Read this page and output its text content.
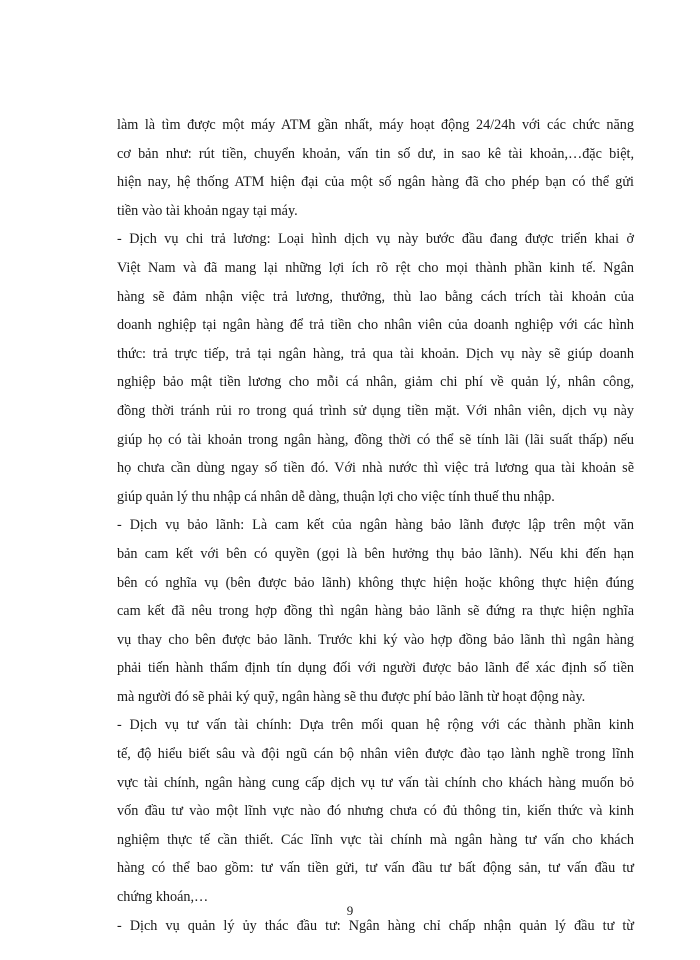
làm là tìm được một máy ATM gần nhất, máy hoạt động 24/24h với các chức năng
cơ bản như: rút tiền, chuyển khoản, vấn tin số dư, in sao kê tài khoản,…đặc biệt,
hiện nay, hệ thống ATM hiện đại của một số ngân hàng đã cho phép bạn có thể gửi
tiền vào tài khoản ngay tại máy.
- Dịch vụ chi trả lương: Loại hình dịch vụ này bước đầu đang được triển khai ở
Việt Nam và đã mang lại những lợi ích rõ rệt cho mọi thành phần kinh tế. Ngân
hàng sẽ đảm nhận việc trả lương, thưởng, thù lao bằng cách trích tài khoản của
doanh nghiệp tại ngân hàng để trả tiền cho nhân viên của doanh nghiệp với các hình
thức: trả trực tiếp, trả tại ngân hàng, trả qua tài khoản. Dịch vụ này sẽ giúp doanh
nghiệp bảo mật tiền lương cho mỗi cá nhân, giảm chi phí về quản lý, nhân công,
đồng thời tránh rủi ro trong quá trình sử dụng tiền mặt. Với nhân viên, dịch vụ này
giúp họ có tài khoản trong ngân hàng, đồng thời có thể sẽ tính lãi (lãi suất thấp) nếu
họ chưa cần dùng ngay số tiền đó. Với nhà nước thì việc trả lương qua tài khoản sẽ
giúp quản lý thu nhập cá nhân dễ dàng, thuận lợi cho việc tính thuế thu nhập.
- Dịch vụ bảo lãnh: Là cam kết của ngân hàng bảo lãnh được lập trên một văn
bản cam kết với bên có quyền (gọi là bên hưởng thụ bảo lãnh). Nếu khi đến hạn
bên có nghĩa vụ (bên được bảo lãnh) không thực hiện hoặc không thực hiện đúng
cam kết đã nêu trong hợp đồng thì ngân hàng bảo lãnh sẽ đứng ra thực hiện nghĩa
vụ thay cho bên được bảo lãnh. Trước khi ký vào hợp đồng bảo lãnh thì ngân hàng
phải tiến hành thẩm định tín dụng đối với người được bảo lãnh để xác định số tiền
mà người đó sẽ phải ký quỹ, ngân hàng sẽ thu được phí bảo lãnh từ hoạt động này.
- Dịch vụ tư vấn tài chính: Dựa trên mối quan hệ rộng với các thành phần kinh
tế, độ hiểu biết sâu và đội ngũ cán bộ nhân viên được đào tạo lành nghề trong lĩnh
vực tài chính, ngân hàng cung cấp dịch vụ tư vấn tài chính cho khách hàng muốn bỏ
vốn đầu tư vào một lĩnh vực nào đó nhưng chưa có đủ thông tin, kiến thức và kinh
nghiệm thực tế cần thiết. Các lĩnh vực tài chính mà ngân hàng tư vấn cho khách
hàng có thể bao gồm: tư vấn tiền gửi, tư vấn đầu tư bất động sản, tư vấn đầu tư
chứng khoán,…
- Dịch vụ quản lý ủy thác đầu tư: Ngân hàng chỉ chấp nhận quản lý đầu tư từ
9
